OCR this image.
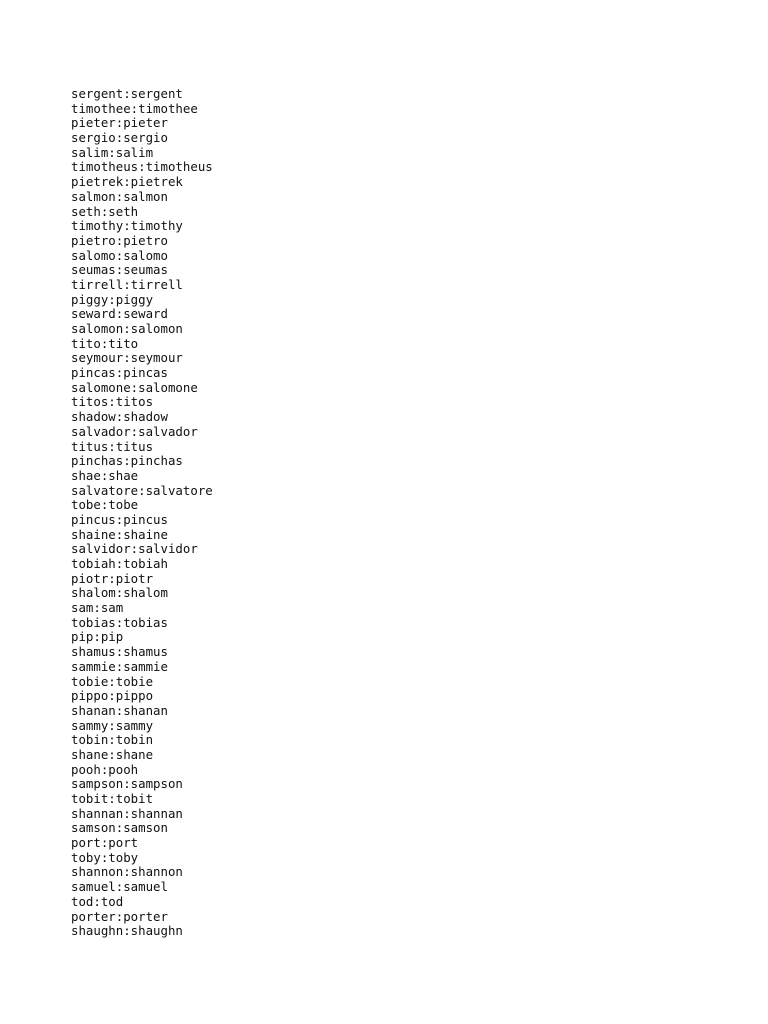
sergent:sergent
timothee:timothee
pieter:pieter
sergio:sergio
salim:salim
timotheus:timotheus
pietrek:pietrek
salmon:salmon
seth:seth
timothy:timothy
pietro:pietro
salomo:salomo
seumas:seumas
tirrell:tirrell
piggy:piggy
seward:seward
salomon:salomon
tito:tito
seymour:seymour
pincas:pincas
salomone:salomone
titos:titos
shadow:shadow
salvador:salvador
titus:titus
pinchas:pinchas
shae:shae
salvatore:salvatore
tobe:tobe
pincus:pincus
shaine:shaine
salvidor:salvidor
tobiah:tobiah
piotr:piotr
shalom:shalom
sam:sam
tobias:tobias
pip:pip
shamus:shamus
sammie:sammie
tobie:tobie
pippo:pippo
shanan:shanan
sammy:sammy
tobin:tobin
shane:shane
pooh:pooh
sampson:sampson
tobit:tobit
shannan:shannan
samson:samson
port:port
toby:toby
shannon:shannon
samuel:samuel
tod:tod
porter:porter
shaughn:shaughn
